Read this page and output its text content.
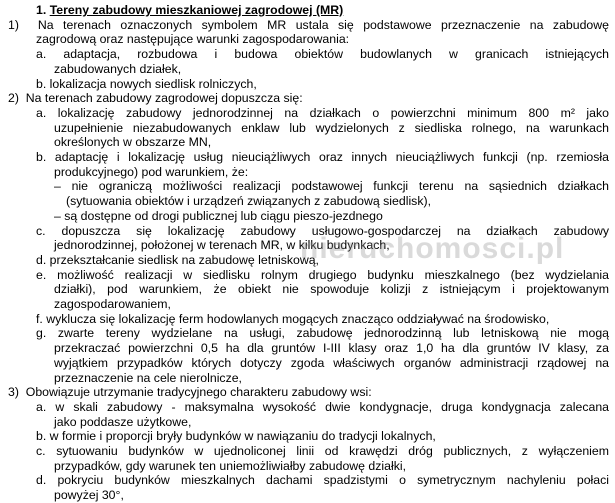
1. Tereny zabudowy mieszkaniowej zagrodowej (MR)
1)  Na terenach oznaczonych symbolem MR ustala się podstawowe przeznaczenie na zabudowę
zagrodową oraz następujące warunki zagospodarowania:
a. adaptacja, rozbudowa i budowa obiektów budowlanych w granicach istniejących
zabudowanych działek,
b. lokalizacja nowych siedlisk rolniczych,
2)  Na terenach zabudowy zagrodowej dopuszcza się:
a. lokalizację zabudowy jednorodzinnej na działkach o powierzchni minimum 800 m² jako
uzupełnienie niezabudowanych enklaw lub wydzielonych z siedliska rolnego, na warunkach
określonych w obszarze MN,
b. adaptację i lokalizację usług nieuciążliwych oraz innych nieuciążliwych funkcji (np. rzemiosła
produkcyjnego) pod warunkiem, że:
– nie ograniczą możliwości realizacji podstawowej funkcji terenu na sąsiednich działkach
(sytuowania obiektów i urządzeń związanych z zabudową siedlisk),
– są dostępne od drogi publicznej lub ciągu pieszo-jezdnego
c. dopuszcza się lokalizację zabudowy usługowo-gospodarczej na działkach zabudowy
jednorodzinnej, położonej w terenach MR, w kilku budynkach,
d. przekształcanie siedlisk na zabudowę letniskową,
e. możliwość realizacji w siedlisku rolnym drugiego budynku mieszkalnego (bez wydzielania
działki), pod warunkiem, że obiekt nie spowoduje kolizji z istniejącym i projektowanym
zagospodarowaniem,
f. wyklucza się lokalizację ferm hodowlanych mogących znacząco oddziaływać na środowisko,
g. zwarte tereny wydzielane na usługi, zabudowę jednorodzinną lub letniskową nie mogą
przekraczać powierzchni 0,5 ha dla gruntów I-III klasy oraz 1,0 ha dla gruntów IV klasy, za
wyjątkiem przypadków których dotyczy zgoda właściwych organów administracji rządowej na
przeznaczenie na cele nierolnicze,
3)  Obowiązuje utrzymanie tradycyjnego charakteru zabudowy wsi:
a. w skali zabudowy - maksymalna wysokość dwie kondygnacje, druga kondygnacja zalecana
jako poddasze użytkowe,
b. w formie i proporcji bryły budynków w nawiązaniu do tradycji lokalnych,
c. sytuowaniu budynków w ujednoliconej linii od krawędzi dróg publicznych, z wyłączeniem
przypadków, gdy warunek ten uniemożliwiałby zabudowę działki,
d. pokryciu budynków mieszkalnych dachami spadzistymi o symetrycznym nachyleniu połaci
powyżej 30°,
nieruchomosci.pl
